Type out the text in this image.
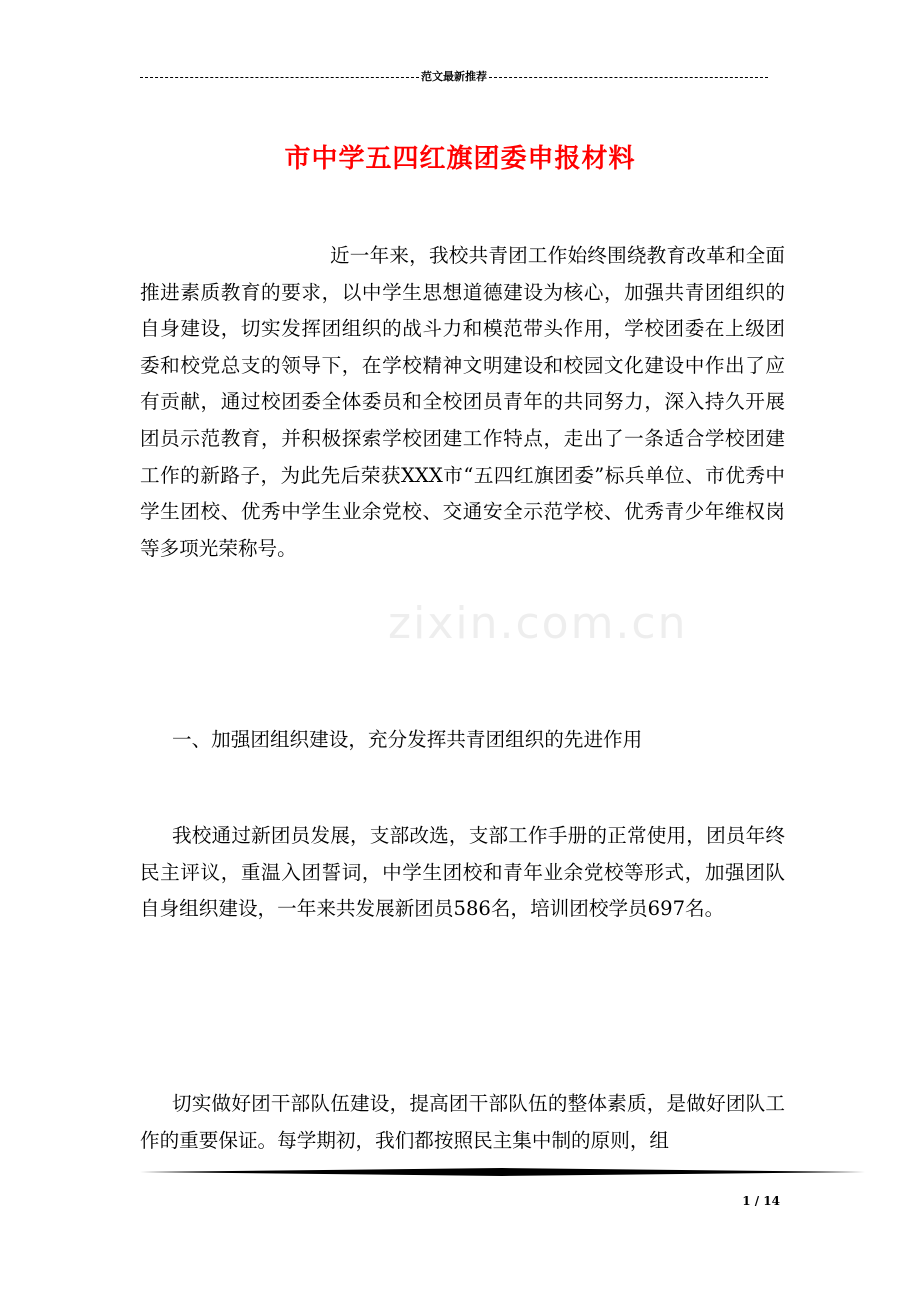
范文最新推荐
市中学五四红旗团委申报材料

近一年来，我校共青团工作始终围绕教育改革和全面推进素质教育的要求，以中学生思想道德建设为核心，加强共青团组织的自身建设，切实发挥团组织的战斗力和模范带头作用，学校团委在上级团委和校党总支的领导下，在学校精神文明建设和校园文化建设中作出了应有贡献，通过校团委全体委员和全校团员青年的共同努力，深入持久开展团员示范教育，并积极探索学校团建工作特点，走出了一条适合学校团建工作的新路子，为此先后荣获XXX市“五四红旗团委”标兵单位、市优秀中学生团校、优秀中学生业余党校、交通安全示范学校、优秀青少年维权岗等多项光荣称号。

zixin.com.cn

一、加强团组织建设，充分发挥共青团组织的先进作用

我校通过新团员发展，支部改选，支部工作手册的正常使用，团员年终民主评议，重温入团誓词，中学生团校和青年业余党校等形式，加强团队自身组织建设，一年来共发展新团员586名，培训团校学员697名。

切实做好团干部队伍建设，提高团干部队伍的整体素质，是做好团队工作的重要保证。每学期初，我们都按照民主集中制的原则，组

1 / 14
